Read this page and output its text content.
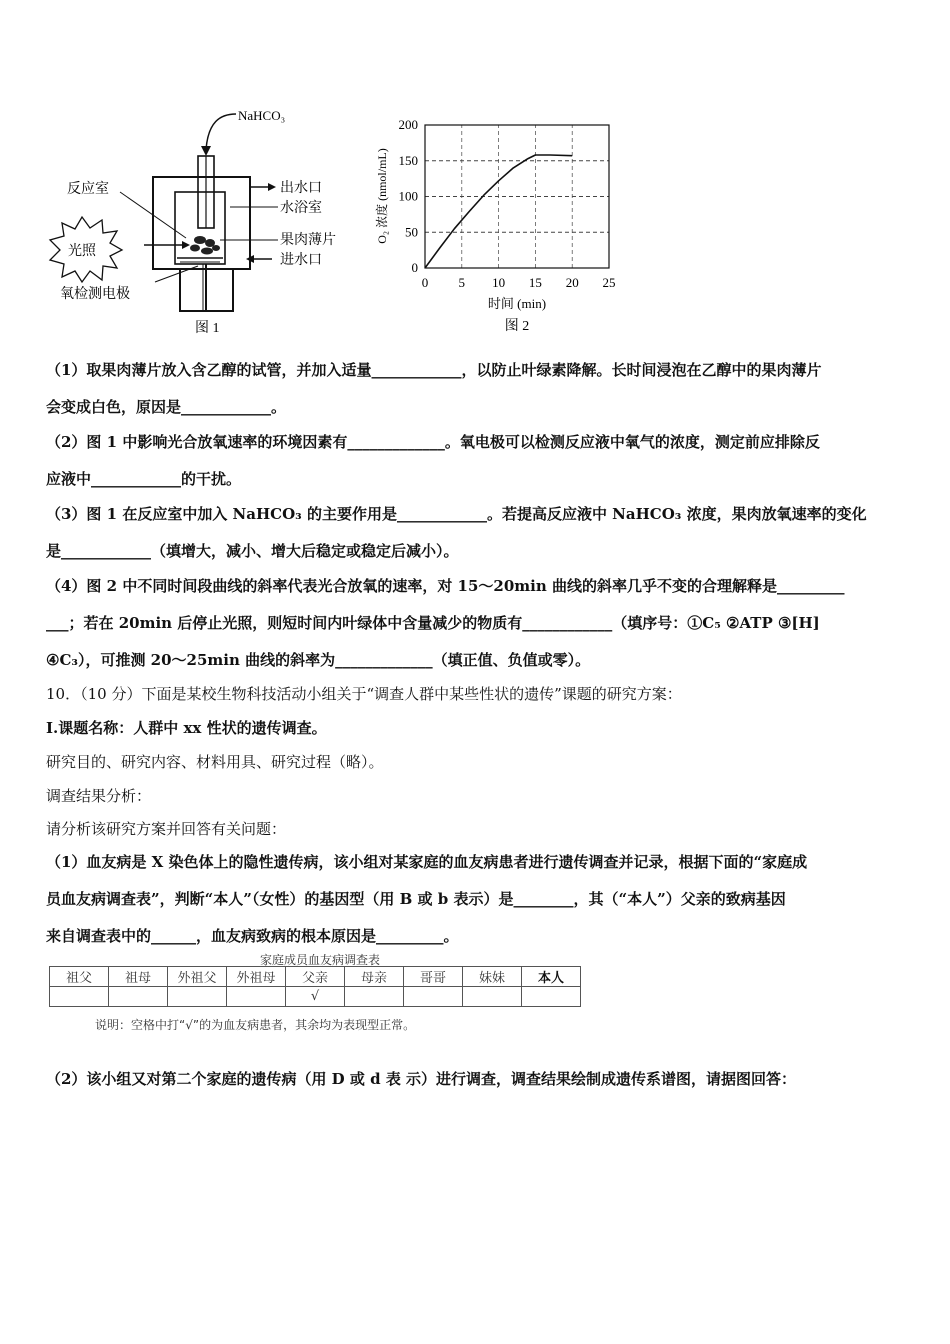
NaHCO₃
光照
反应室	出水口
水浴室
果肉薄片
进水口
氧检测电极
图 1
0
50
100
150
200
0 5 10 15 20 25
时间 (min)
O₂ 浓度 (nmol/mL)
图 2
（1）取果肉薄片放入含乙醇的试管，并加入适量____________，以防止叶绿素降解。长时间浸泡在乙醇中的果肉薄片
会变成白色，原因是____________。
（2）图 1 中影响光合放氧速率的环境因素有_____________。氧电极可以检测反应液中氧气的浓度，测定前应排除反
应液中____________的干扰。
（3）图 1 在反应室中加入 NaHCO₃ 的主要作用是____________。若提高反应液中 NaHCO₃ 浓度，果肉放氧速率的变化
是____________（填增大，减小、增大后稳定或稳定后减小）。
（4）图 2 中不同时间段曲线的斜率代表光合放氧的速率，对 15～20min 曲线的斜率几乎不变的合理解释是_________
___；若在 20min 后停止光照，则短时间内叶绿体中含量减少的物质有____________（填序号：①C₅ ②ATP ③[H]
④C₃），可推测 20～25min 曲线的斜率为_____________（填正值、负值或零）。
10．（10 分）下面是某校生物科技活动小组关于“调查人群中某些性状的遗传”课题的研究方案：
I.课题名称：人群中 xx 性状的遗传调查。
研究目的、研究内容、材料用具、研究过程（略）。
调查结果分析：
请分析该研究方案并回答有关问题：
（1）血友病是 X 染色体上的隐性遗传病，该小组对某家庭的血友病患者进行遗传调查并记录，根据下面的“家庭成
员血友病调查表”，判断“本人”（女性）的基因型（用 B 或 b 表示）是________，其（“本人”）父亲的致病基因
来自调查表中的______，血友病致病的根本原因是_________。
家庭成员血友病调查表
祖父	祖母	外祖父	外祖母	父亲	母亲	哥哥	妹妹	本人
				√				
说明：空格中打“√”的为血友病患者，其余均为表现型正常。
（2）该小组又对第二个家庭的遗传病（用 D 或 d 表 示）进行调查，调查结果绘制成遗传系谱图，请据图回答：
